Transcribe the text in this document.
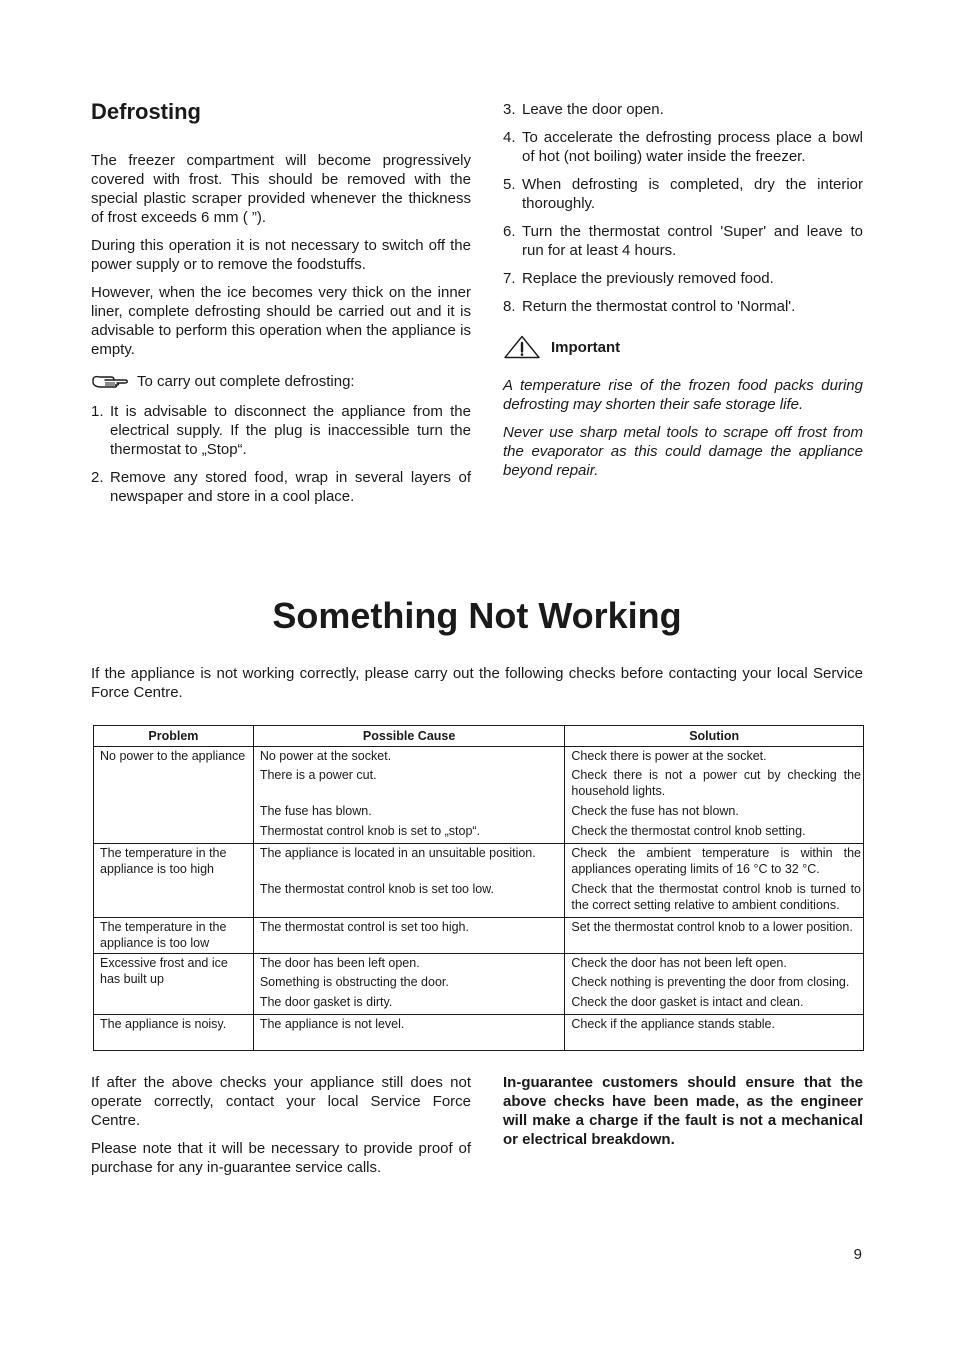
Defrosting

The freezer compartment will become progressively covered with frost. This should be removed with the special plastic scraper provided whenever the thickness of frost exceeds 6 mm ( ”).

During this operation it is not necessary to switch off the power supply or to remove the foodstuffs.

However, when the ice becomes very thick on the inner liner, complete defrosting should be carried out and it is advisable to perform this operation when the appliance is empty.

To carry out complete defrosting:
1. It is advisable to disconnect the appliance from the electrical supply. If the plug is inaccessible turn the thermostat to „Stop“.
2. Remove any stored food, wrap in several layers of newspaper and store in a cool place.
3. Leave the door open.
4. To accelerate the defrosting process place a bowl of hot (not boiling) water inside the freezer.
5. When defrosting is completed, dry the interior thoroughly.
6. Turn the thermostat control 'Super' and leave to run for at least 4 hours.
7. Replace the previously removed food.
8. Return the thermostat control to 'Normal'.
Important

A temperature rise of the frozen food packs during defrosting may shorten their safe storage life.

Never use sharp metal tools to scrape off frost from the evaporator as this could damage the appliance beyond repair.

Something Not Working
If the appliance is not working correctly, please carry out the following checks before contacting your local Service Force Centre.
Problem	Possible Cause	Solution
No power to the appliance	No power at the socket.	Check there is power at the socket.
	There is a power cut.	Check there is not a power cut by checking the household lights.
	The fuse has blown.	Check the fuse has not blown.
	Thermostat control knob is set to „stop“.	Check the thermostat control knob setting.
The temperature in the appliance is too high	The appliance is located in an unsuitable position.	Check the ambient temperature is within the appliances operating limits of 16 °C to 32 °C.
	The thermostat control knob is set too low.	Check that the thermostat control knob is turned to the correct setting relative to ambient conditions.
The temperature in the appliance is too low	The thermostat control is set too high.	Set the thermostat control knob to a lower position.
Excessive frost and ice has built up	The door has been left open.	Check the door has not been left open.
	Something is obstructing the door.	Check nothing is preventing the door from closing.
	The door gasket is dirty.	Check the door gasket is intact and clean.
The appliance is noisy.	The appliance is not level.	Check if the appliance stands stable.

If after the above checks your appliance still does not operate correctly, contact your local Service Force Centre.

Please note that it will be necessary to provide proof of purchase for any in-guarantee service calls.

In-guarantee customers should ensure that the above checks have been made, as the engineer will make a charge if the fault is not a mechanical or electrical breakdown.
9
